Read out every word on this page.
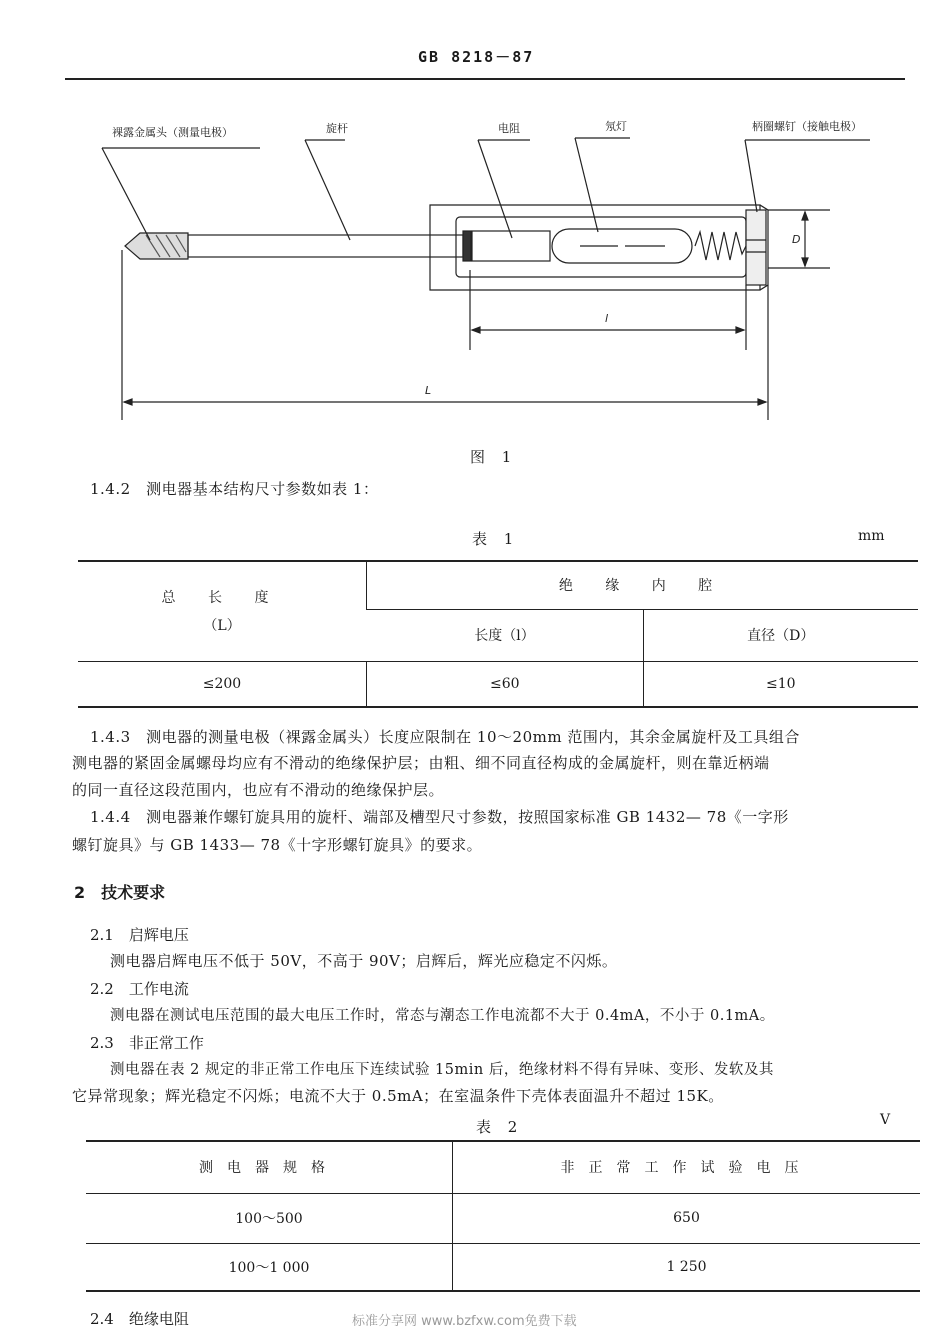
GB 8218－87
裸露金属头（测量电极）	旋杆	电阻	氖灯	柄圈螺钉（接触电极）
D
l
L
图 1
1.4.2　测电器基本结构尺寸参数如表 1：
表 1	mm
总 长 度
（L）	绝 缘 内 腔	
	长度（l）	直径（D）
≤200	≤60	≤10
1.4.3　测电器的测量电极（裸露金属头）长度应限制在 10～20mm 范围内，其余金属旋杆及工具组合
测电器的紧固金属螺母均应有不滑动的绝缘保护层；由粗、细不同直径构成的金属旋杆，则在靠近柄端
的同一直径这段范围内，也应有不滑动的绝缘保护层。
1.4.4　测电器兼作螺钉旋具用的旋杆、端部及槽型尺寸参数，按照国家标准 GB 1432— 78《一字形
螺钉旋具》与 GB 1433— 78《十字形螺钉旋具》的要求。
2　技术要求
2.1　启辉电压
测电器启辉电压不低于 50V，不高于 90V；启辉后，辉光应稳定不闪烁。
2.2　工作电流
测电器在测试电压范围的最大电压工作时，常态与潮态工作电流都不大于 0.4mA，不小于 0.1mA。
2.3　非正常工作
测电器在表 2 规定的非正常工作电压下连续试验 15min 后，绝缘材料不得有异味、变形、发软及其
它异常现象；辉光稳定不闪烁；电流不大于 0.5mA；在室温条件下壳体表面温升不超过 15K。
表 2	V
测电器规格	非正常工作试验电压
100～500	650
100～1 000	1 250
2.4　绝缘电阻	标准分享网 www.bzfxw.com免费下载
